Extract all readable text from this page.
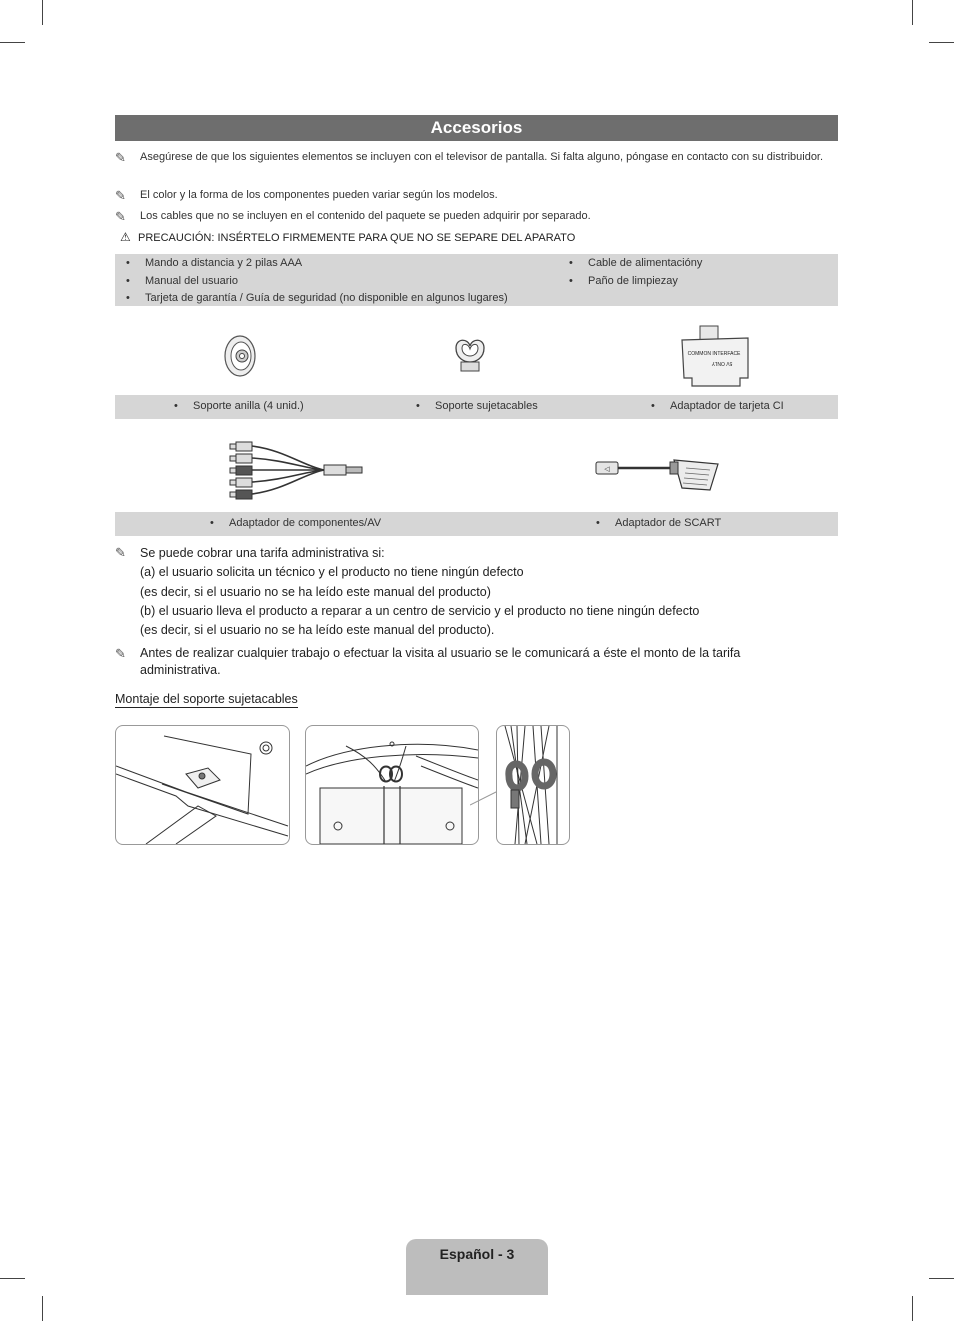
Accesorios
✎ Asegúrese de que los siguientes elementos se incluyen con el televisor de pantalla. Si falta alguno, póngase en contacto con su distribuidor.
✎ El color y la forma de los componentes pueden variar según los modelos.
✎ Los cables que no se incluyen en el contenido del paquete se pueden adquirir por separado.
⚠ PRECAUCIÓN: INSÉRTELO FIRMEMENTE PARA QUE NO SE SEPARE DEL APARATO
• Mando a distancia y 2 pilas AAA
• Manual del usuario
• Tarjeta de garantía / Guía de seguridad (no disponible en algunos lugares)
• Cable de alimentacióny
• Paño de limpiezay
COMMON INTERFACE
5V ONLY
• Soporte anilla (4 unid.)	• Soporte sujetacables	• Adaptador de tarjeta CI
◁
• Adaptador de componentes/AV	• Adaptador de SCART
✎	Se puede cobrar una tarifa administrativa si:
(a) el usuario solicita un técnico y el producto no tiene ningún defecto
(es decir, si el usuario no se ha leído este manual del producto)
(b) el usuario lleva el producto a reparar a un centro de servicio y el producto no tiene ningún defecto
(es decir, si el usuario no se ha leído este manual del producto).
✎	Antes de realizar cualquier trabajo o efectuar la visita al usuario se le comunicará a éste el monto de la tarifa administrativa.
Montaje del soporte sujetacables
Español - 3
